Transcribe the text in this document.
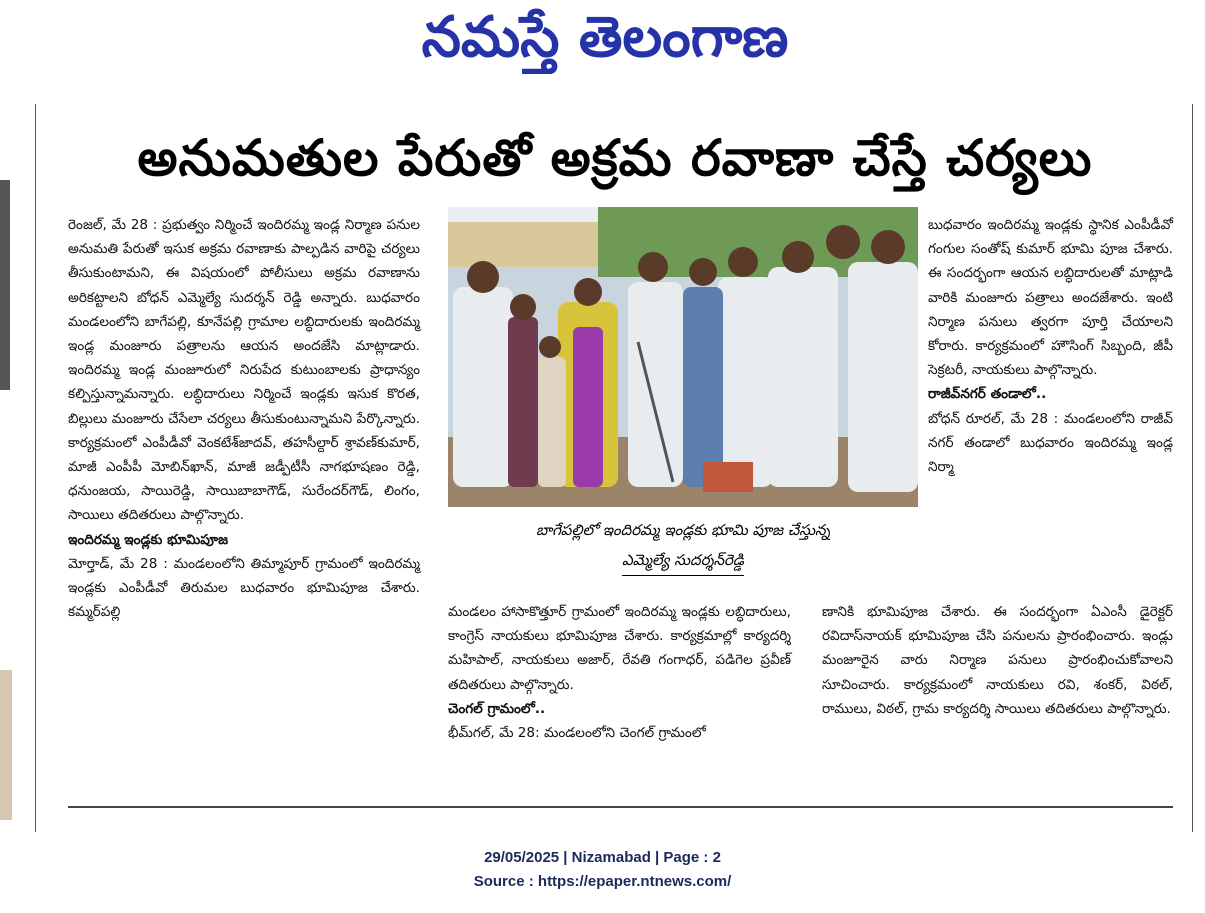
నమస్తే తెలంగాణ
అనుమతుల పేరుతో అక్రమ రవాణా చేస్తే చర్యలు

రెంజల్, మే 28 : ప్రభుత్వం నిర్మించే ఇందిరమ్మ ఇండ్ల నిర్మాణ పనుల అనుమతి పేరుతో ఇసుక అక్రమ రవాణాకు పాల్పడిన వారిపై చర్యలు తీసుకుంటామని, ఈ విషయంలో పోలీసులు అక్రమ రవాణాను అరికట్టాలని బోధన్ ఎమ్మెల్యే సుదర్శన్ రెడ్డి అన్నారు. బుధవారం మండలంలోని బాగేపల్లి, కూనేపల్లి గ్రామాల లబ్ధిదారులకు ఇందిరమ్మ ఇండ్ల మంజూరు పత్రాలను ఆయన అందజేసి మాట్లాడారు. ఇందిరమ్మ ఇండ్ల మంజూరులో నిరుపేద కుటుంబాలకు ప్రాధాన్యం కల్పిస్తున్నామన్నారు. లబ్ధిదారులు నిర్మించే ఇండ్లకు ఇసుక కొరత, బిల్లులు మంజూరు చేసేలా చర్యలు తీసుకుంటున్నామని పేర్కొన్నారు. కార్యక్రమంలో ఎంపీడీవో వెంకటేశ్‌జాదవ్, తహసీల్దార్ శ్రావణ్‌కుమార్, మాజీ ఎంపీపీ మోబిన్‌ఖాన్, మాజీ జడ్పీటీసీ నాగభూషణం రెడ్డి, ధనుంజయ, సాయిరెడ్డి, సాయిబాబాగౌడ్, సురేందర్‌గౌడ్, లింగం, సాయిలు తదితరులు పాల్గొన్నారు.

ఇందిరమ్మ ఇండ్లకు భూమిపూజ

మోర్తాడ్, మే 28 : మండలంలోని తిమ్మాపూర్ గ్రామంలో ఇందిరమ్మ ఇండ్లకు ఎంపీడీవో తిరుమల బుధవారం భూమిపూజ చేశారు. కమ్మర్‌పల్లి

బాగేపల్లిలో ఇందిరమ్మ ఇండ్లకు భూమి పూజ చేస్తున్న
ఎమ్మెల్యే సుదర్శన్‌రెడ్డి

మండలం హాసాకొత్తూర్ గ్రామంలో ఇందిరమ్మ ఇండ్లకు లబ్ధిదారులు, కాంగ్రెస్ నాయకులు భూమిపూజ చేశారు. కార్యక్రమాల్లో కార్యదర్శి మహిపాల్, నాయకులు అజార్, రేవతి గంగాధర్, పడిగెల ప్రవీణ్ తదితరులు పాల్గొన్నారు.

చెంగల్ గ్రామంలో..

భీమ్‌గల్, మే 28: మండలంలోని చెంగల్ గ్రామంలో

బుధవారం ఇందిరమ్మ ఇండ్లకు స్థానిక ఎంపీడీవో గంగుల సంతోష్ కుమార్ భూమి పూజ చేశారు. ఈ సందర్భంగా ఆయన లబ్ధిదారులతో మాట్లాడి వారికి మంజూరు పత్రాలు అందజేశారు. ఇంటి నిర్మాణ పనులు త్వరగా పూర్తి చేయాలని కోరారు. కార్యక్రమంలో హౌసింగ్ సిబ్బంది, జీపీ సెక్రటరీ, నాయకులు పాల్గొన్నారు.

రాజీవ్‌నగర్ తండాలో..

బోధన్ రూరల్, మే 28 : మండలంలోని రాజీవ్ నగర్ తండాలో బుధవారం ఇందిరమ్మ ఇండ్ల నిర్మా

ణానికి భూమిపూజ చేశారు. ఈ సందర్భంగా ఏఎంసీ డైరెక్టర్ రవిదాస్‌నాయక్ భూమిపూజ చేసి పనులను ప్రారంభించారు. ఇండ్లు మంజూరైన వారు నిర్మాణ పనులు ప్రారంభించుకోవాలని సూచించారు. కార్యక్రమంలో నాయకులు రవి, శంకర్, విఠల్, రాములు, విఠల్, గ్రామ కార్యదర్శి సాయిలు తదితరులు పాల్గొన్నారు.

29/05/2025 | Nizamabad | Page : 2
Source : https://epaper.ntnews.com/
